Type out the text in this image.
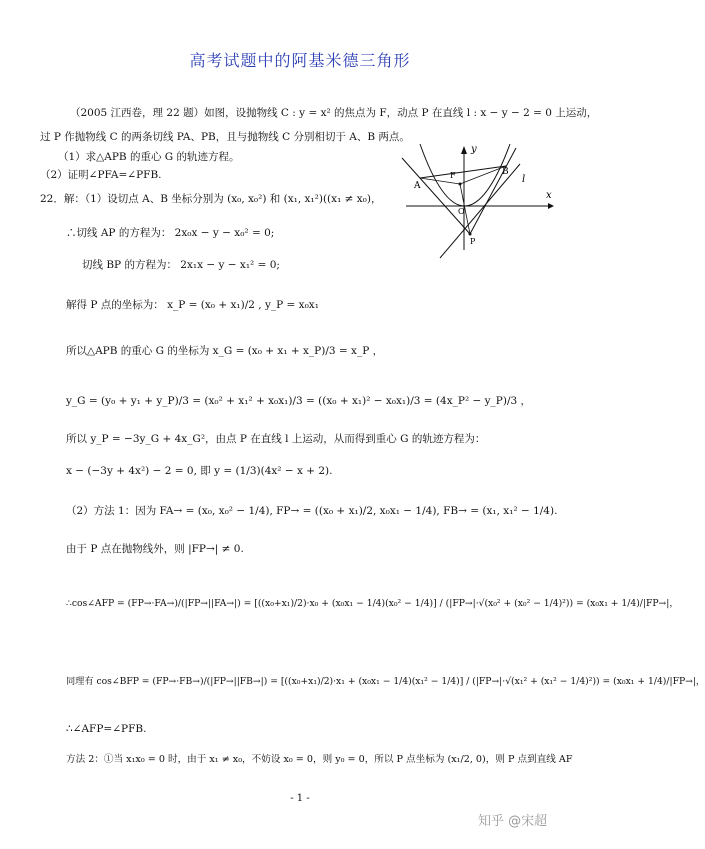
高考试题中的阿基米德三角形
（2005 江西卷，理 22 题）如图，设抛物线 C : y = x² 的焦点为 F，动点 P 在直线 l : x − y − 2 = 0 上运动，
过 P 作抛物线 C 的两条切线 PA、PB，且与抛物线 C 分别相切于 A、B 两点。
（1）求△APB 的重心 G 的轨迹方程。
（2）证明∠PFA=∠PFB.
y
x
l
A
B
F
O
P
22．解：（1）设切点 A、B 坐标分别为 (x₀, x₀²) 和 (x₁, x₁²)((x₁ ≠ x₀)，
∴切线 AP 的方程为： 2x₀x − y − x₀² = 0;
切线 BP 的方程为： 2x₁x − y − x₁² = 0;
解得 P 点的坐标为： x_P = (x₀ + x₁)/2 , y_P = x₀x₁
所以△APB 的重心 G 的坐标为 x_G = (x₀ + x₁ + x_P)/3 = x_P ，
y_G = (y₀ + y₁ + y_P)/3 = (x₀² + x₁² + x₀x₁)/3 = ((x₀ + x₁)² − x₀x₁)/3 = (4x_P² − y_P)/3 ，
所以 y_P = −3y_G + 4x_G²，由点 P 在直线 l 上运动，从而得到重心 G 的轨迹方程为：
x − (−3y + 4x²) − 2 = 0, 即 y = (1/3)(4x² − x + 2).
（2）方法 1：因为 FA→ = (x₀, x₀² − 1/4), FP→ = ((x₀ + x₁)/2, x₀x₁ − 1/4), FB→ = (x₁, x₁² − 1/4).
由于 P 点在抛物线外，则 |FP→| ≠ 0.
∴cos∠AFP = (FP→·FA→)/(|FP→||FA→|) = [((x₀+x₁)/2)·x₀ + (x₀x₁ − 1/4)(x₀² − 1/4)] / (|FP→|·√(x₀² + (x₀² − 1/4)²)) = (x₀x₁ + 1/4)/|FP→|，
同理有 cos∠BFP = (FP→·FB→)/(|FP→||FB→|) = [((x₀+x₁)/2)·x₁ + (x₀x₁ − 1/4)(x₁² − 1/4)] / (|FP→|·√(x₁² + (x₁² − 1/4)²)) = (x₀x₁ + 1/4)/|FP→|，
∴∠AFP=∠PFB.
方法 2：①当 x₁x₀ = 0 时，由于 x₁ ≠ x₀，不妨设 x₀ = 0，则 y₀ = 0，所以 P 点坐标为 (x₁/2, 0)，则 P 点到直线 AF
- 1 -
知乎 @宋超
